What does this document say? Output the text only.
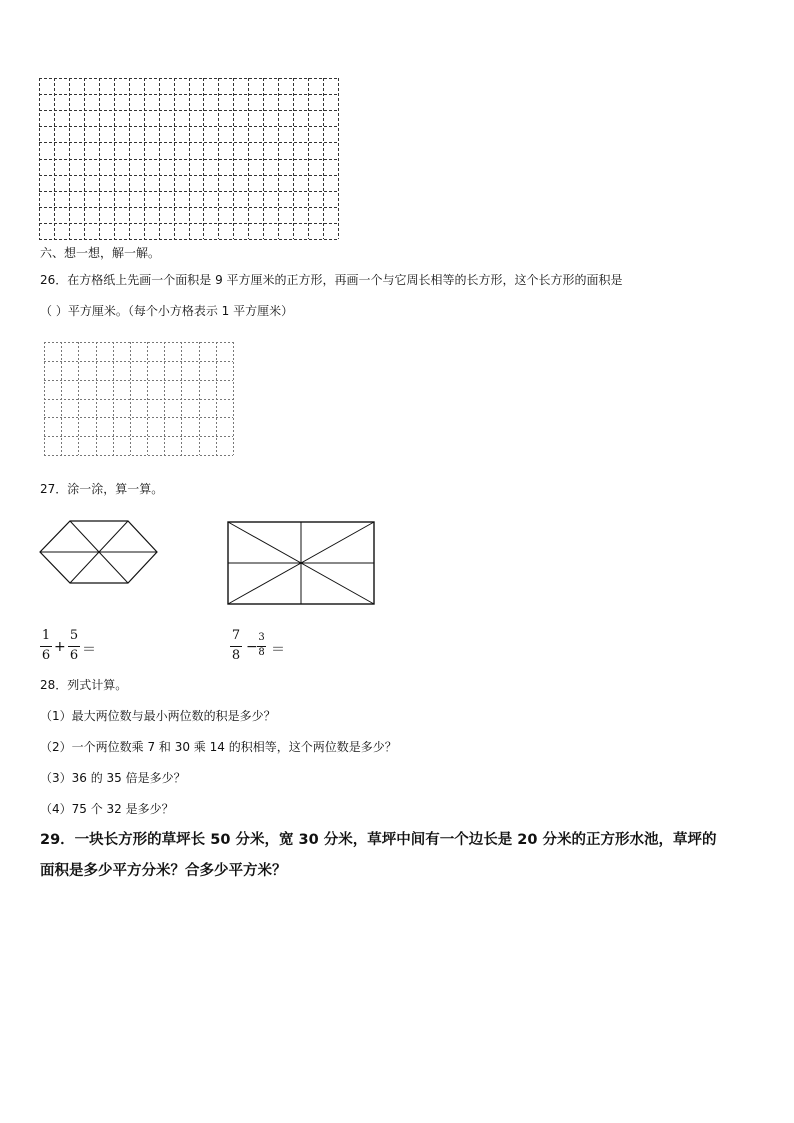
六、想一想，解一解。
26．在方格纸上先画一个面积是 9 平方厘米的正方形，再画一个与它周长相等的长方形，这个长方形的面积是
（ ）平方厘米。（每个小方格表示 1 平方厘米）
27．涂一涂，算一算。
1
6
+
5
6 ＝
7
8
−
3
8 ＝
28．列式计算。
（1）最大两位数与最小两位数的积是多少？
（2）一个两位数乘 7 和 30 乘 14 的积相等，这个两位数是多少？
（3）36 的 35 倍是多少？
（4）75 个 32 是多少？
29．一块长方形的草坪长 50 分米，宽 30 分米，草坪中间有一个边长是 20 分米的正方形水池，草坪的
面积是多少平方分米？合多少平方米？
